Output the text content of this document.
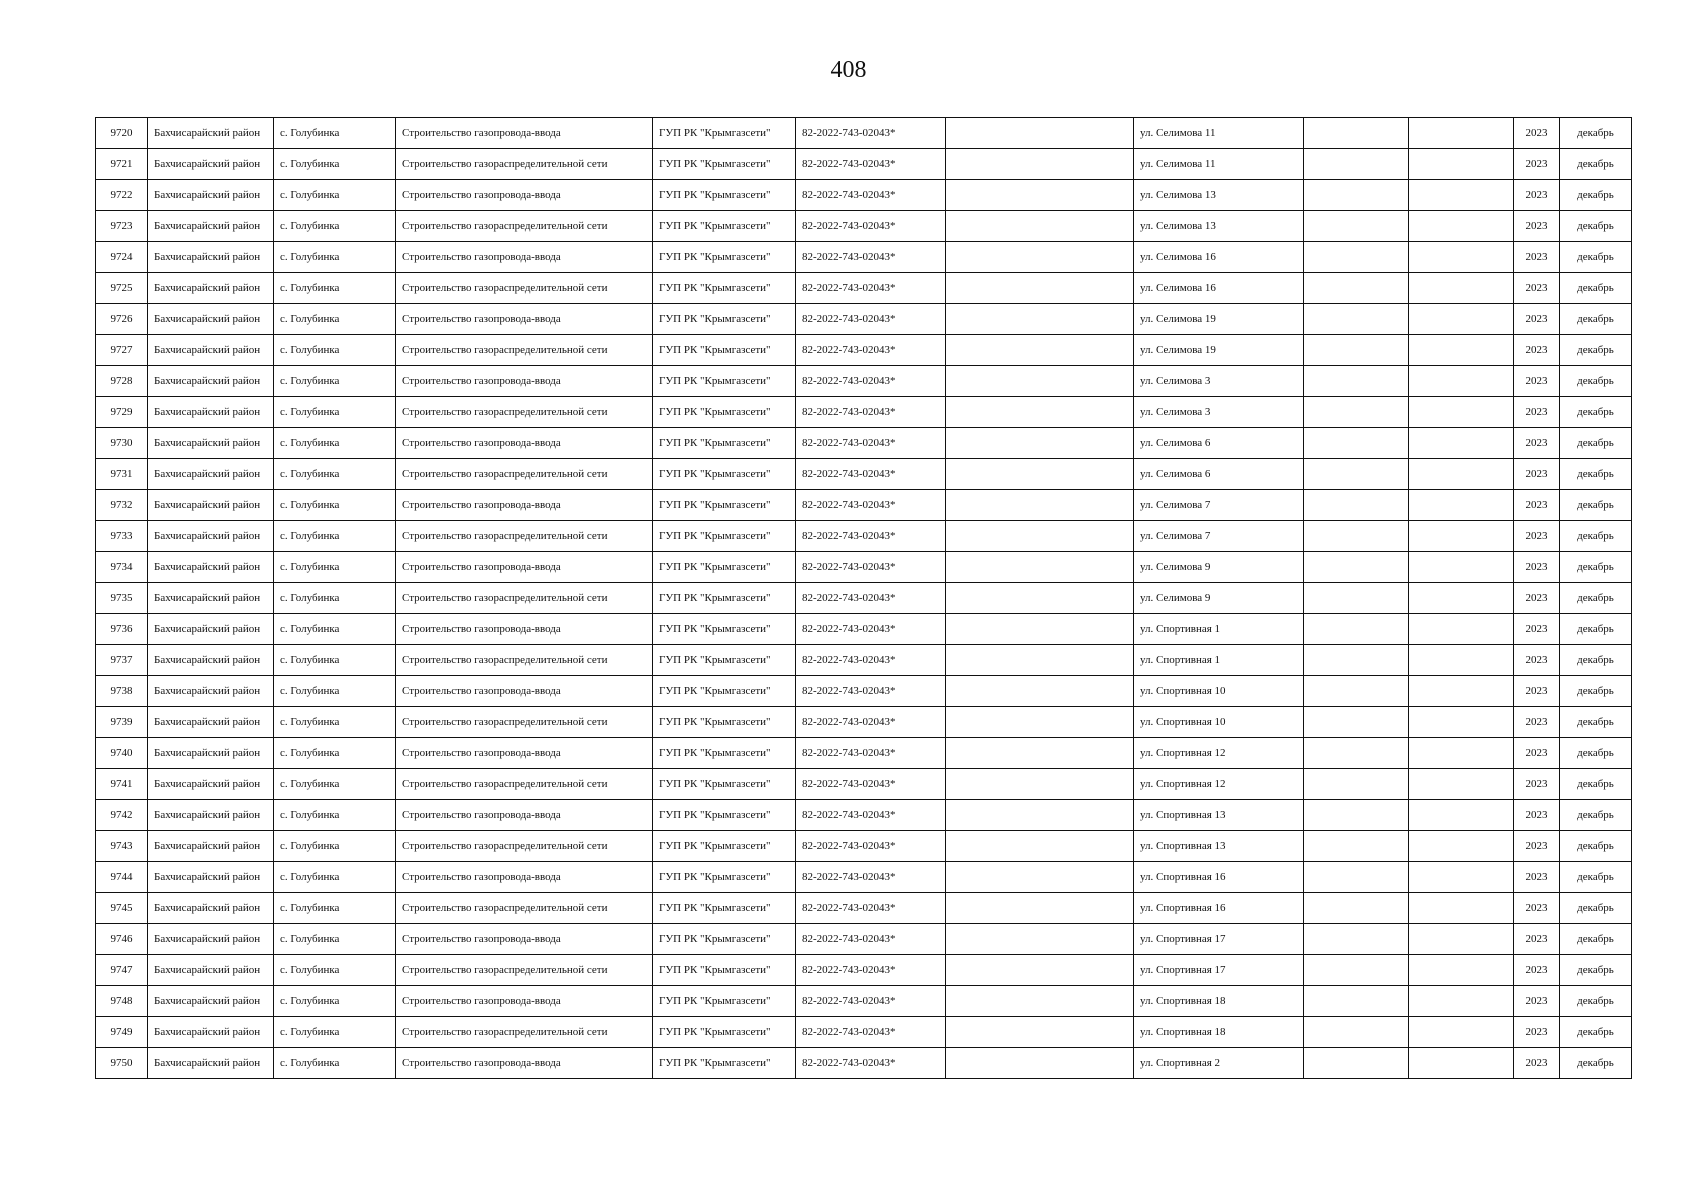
408
9720	Бахчисарайский район	с. Голубинка	Строительство газопровода-ввода	ГУП РК "Крымгазсети"	82-2022-743-02043*		ул. Селимова 11			2023	декабрь
9721	Бахчисарайский район	с. Голубинка	Строительство газораспределительной сети	ГУП РК "Крымгазсети"	82-2022-743-02043*		ул. Селимова 11			2023	декабрь
9722	Бахчисарайский район	с. Голубинка	Строительство газопровода-ввода	ГУП РК "Крымгазсети"	82-2022-743-02043*		ул. Селимова 13			2023	декабрь
9723	Бахчисарайский район	с. Голубинка	Строительство газораспределительной сети	ГУП РК "Крымгазсети"	82-2022-743-02043*		ул. Селимова 13			2023	декабрь
9724	Бахчисарайский район	с. Голубинка	Строительство газопровода-ввода	ГУП РК "Крымгазсети"	82-2022-743-02043*		ул. Селимова 16			2023	декабрь
9725	Бахчисарайский район	с. Голубинка	Строительство газораспределительной сети	ГУП РК "Крымгазсети"	82-2022-743-02043*		ул. Селимова 16			2023	декабрь
9726	Бахчисарайский район	с. Голубинка	Строительство газопровода-ввода	ГУП РК "Крымгазсети"	82-2022-743-02043*		ул. Селимова 19			2023	декабрь
9727	Бахчисарайский район	с. Голубинка	Строительство газораспределительной сети	ГУП РК "Крымгазсети"	82-2022-743-02043*		ул. Селимова 19			2023	декабрь
9728	Бахчисарайский район	с. Голубинка	Строительство газопровода-ввода	ГУП РК "Крымгазсети"	82-2022-743-02043*		ул. Селимова 3			2023	декабрь
9729	Бахчисарайский район	с. Голубинка	Строительство газораспределительной сети	ГУП РК "Крымгазсети"	82-2022-743-02043*		ул. Селимова 3			2023	декабрь
9730	Бахчисарайский район	с. Голубинка	Строительство газопровода-ввода	ГУП РК "Крымгазсети"	82-2022-743-02043*		ул. Селимова 6			2023	декабрь
9731	Бахчисарайский район	с. Голубинка	Строительство газораспределительной сети	ГУП РК "Крымгазсети"	82-2022-743-02043*		ул. Селимова 6			2023	декабрь
9732	Бахчисарайский район	с. Голубинка	Строительство газопровода-ввода	ГУП РК "Крымгазсети"	82-2022-743-02043*		ул. Селимова 7			2023	декабрь
9733	Бахчисарайский район	с. Голубинка	Строительство газораспределительной сети	ГУП РК "Крымгазсети"	82-2022-743-02043*		ул. Селимова 7			2023	декабрь
9734	Бахчисарайский район	с. Голубинка	Строительство газопровода-ввода	ГУП РК "Крымгазсети"	82-2022-743-02043*		ул. Селимова 9			2023	декабрь
9735	Бахчисарайский район	с. Голубинка	Строительство газораспределительной сети	ГУП РК "Крымгазсети"	82-2022-743-02043*		ул. Селимова 9			2023	декабрь
9736	Бахчисарайский район	с. Голубинка	Строительство газопровода-ввода	ГУП РК "Крымгазсети"	82-2022-743-02043*		ул. Спортивная 1			2023	декабрь
9737	Бахчисарайский район	с. Голубинка	Строительство газораспределительной сети	ГУП РК "Крымгазсети"	82-2022-743-02043*		ул. Спортивная 1			2023	декабрь
9738	Бахчисарайский район	с. Голубинка	Строительство газопровода-ввода	ГУП РК "Крымгазсети"	82-2022-743-02043*		ул. Спортивная 10			2023	декабрь
9739	Бахчисарайский район	с. Голубинка	Строительство газораспределительной сети	ГУП РК "Крымгазсети"	82-2022-743-02043*		ул. Спортивная 10			2023	декабрь
9740	Бахчисарайский район	с. Голубинка	Строительство газопровода-ввода	ГУП РК "Крымгазсети"	82-2022-743-02043*		ул. Спортивная 12			2023	декабрь
9741	Бахчисарайский район	с. Голубинка	Строительство газораспределительной сети	ГУП РК "Крымгазсети"	82-2022-743-02043*		ул. Спортивная 12			2023	декабрь
9742	Бахчисарайский район	с. Голубинка	Строительство газопровода-ввода	ГУП РК "Крымгазсети"	82-2022-743-02043*		ул. Спортивная 13			2023	декабрь
9743	Бахчисарайский район	с. Голубинка	Строительство газораспределительной сети	ГУП РК "Крымгазсети"	82-2022-743-02043*		ул. Спортивная 13			2023	декабрь
9744	Бахчисарайский район	с. Голубинка	Строительство газопровода-ввода	ГУП РК "Крымгазсети"	82-2022-743-02043*		ул. Спортивная 16			2023	декабрь
9745	Бахчисарайский район	с. Голубинка	Строительство газораспределительной сети	ГУП РК "Крымгазсети"	82-2022-743-02043*		ул. Спортивная 16			2023	декабрь
9746	Бахчисарайский район	с. Голубинка	Строительство газопровода-ввода	ГУП РК "Крымгазсети"	82-2022-743-02043*		ул. Спортивная 17			2023	декабрь
9747	Бахчисарайский район	с. Голубинка	Строительство газораспределительной сети	ГУП РК "Крымгазсети"	82-2022-743-02043*		ул. Спортивная 17			2023	декабрь
9748	Бахчисарайский район	с. Голубинка	Строительство газопровода-ввода	ГУП РК "Крымгазсети"	82-2022-743-02043*		ул. Спортивная 18			2023	декабрь
9749	Бахчисарайский район	с. Голубинка	Строительство газораспределительной сети	ГУП РК "Крымгазсети"	82-2022-743-02043*		ул. Спортивная 18			2023	декабрь
9750	Бахчисарайский район	с. Голубинка	Строительство газопровода-ввода	ГУП РК "Крымгазсети"	82-2022-743-02043*		ул. Спортивная 2			2023	декабрь
